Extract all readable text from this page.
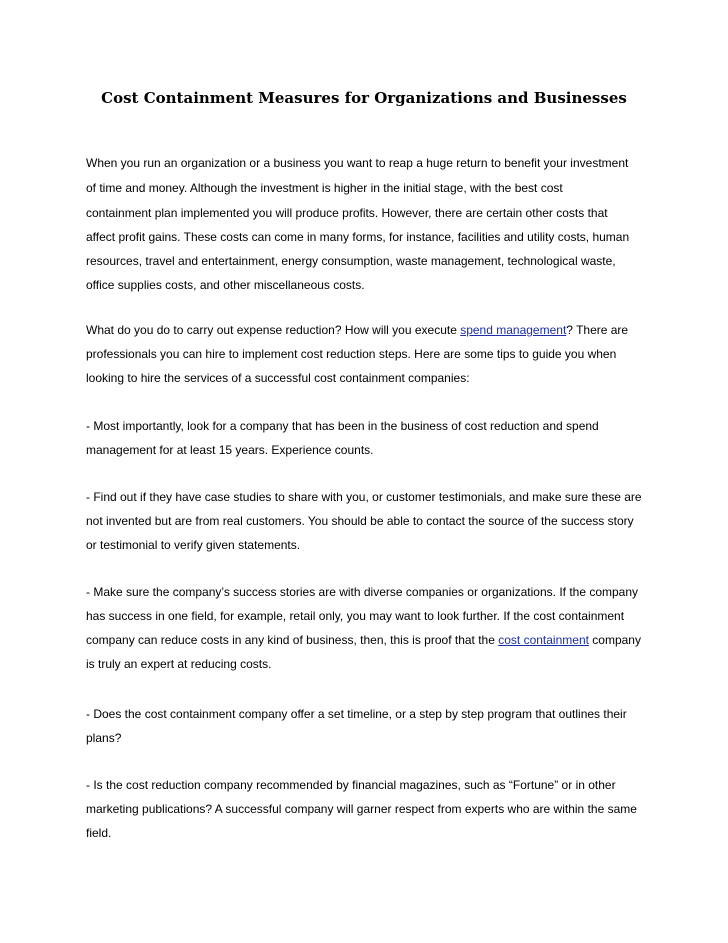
Cost Containment Measures for Organizations and Businesses
When you run an organization or a business you want to reap a huge return to benefit your investment
of time and money. Although the investment is higher in the initial stage, with the best cost
containment plan implemented you will produce profits. However, there are certain other costs that
affect profit gains. These costs can come in many forms, for instance, facilities and utility costs, human
resources, travel and entertainment, energy consumption, waste management, technological waste,
office supplies costs, and other miscellaneous costs.
What do you do to carry out expense reduction? How will you execute spend management? There are
professionals you can hire to implement cost reduction steps. Here are some tips to guide you when
looking to hire the services of a successful cost containment companies:
- Most importantly, look for a company that has been in the business of cost reduction and spend
management for at least 15 years. Experience counts.
- Find out if they have case studies to share with you, or customer testimonials, and make sure these are
not invented but are from real customers. You should be able to contact the source of the success story
or testimonial to verify given statements.
- Make sure the company’s success stories are with diverse companies or organizations. If the company
has success in one field, for example, retail only, you may want to look further. If the cost containment
company can reduce costs in any kind of business, then, this is proof that the cost containment company
is truly an expert at reducing costs.
- Does the cost containment company offer a set timeline, or a step by step program that outlines their
plans?
- Is the cost reduction company recommended by financial magazines, such as “Fortune” or in other
marketing publications? A successful company will garner respect from experts who are within the same
field.
